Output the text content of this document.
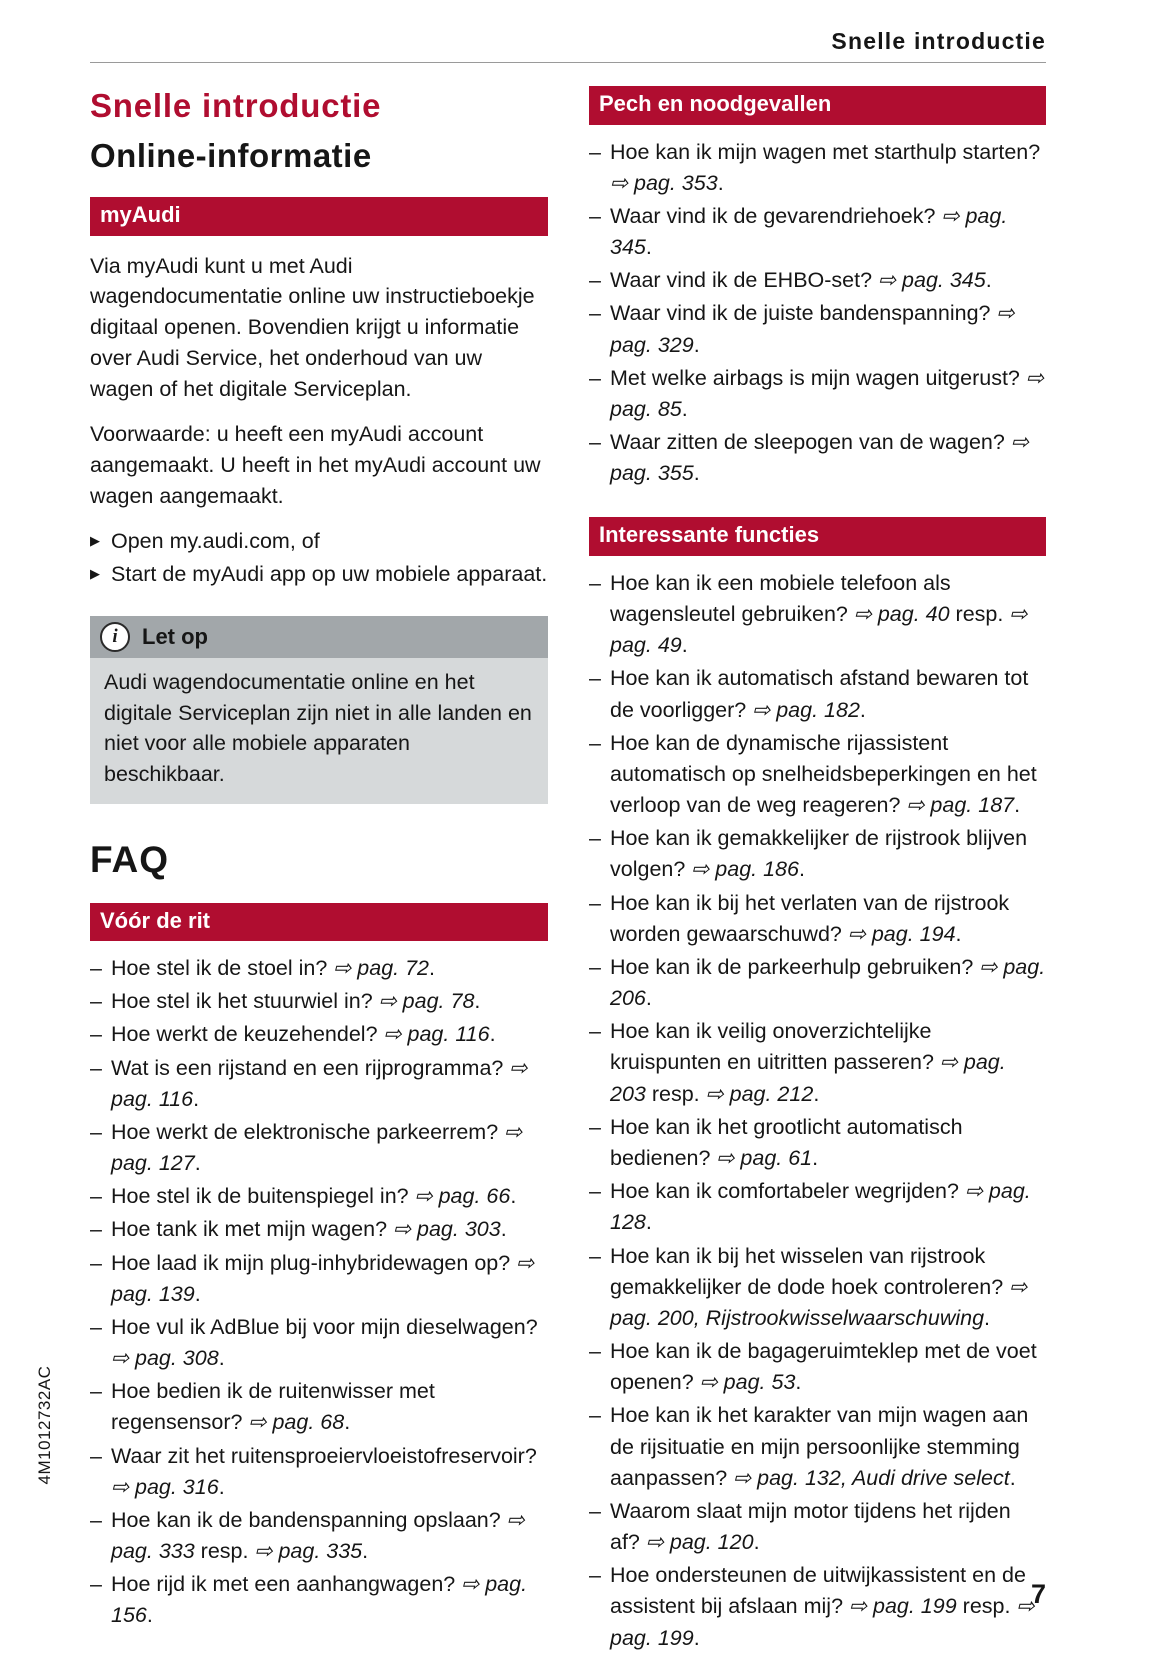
Snelle introductie
Snelle introductie
Online-informatie
myAudi

Via myAudi kunt u met Audi wagendocumentatie online uw instructieboekje digitaal openen. Bovendien krijgt u informatie over Audi Service, het onderhoud van uw wagen of het digitale Serviceplan.

Voorwaarde: u heeft een myAudi account aangemaakt. U heeft in het myAudi account uw wagen aangemaakt.

▶ Open my.audi.com, of
▶ Start de myAudi app op uw mobiele apparaat.
i Let op
Audi wagendocumentatie online en het digitale Serviceplan zijn niet in alle landen en niet voor alle mobiele apparaten beschikbaar.
FAQ
Vóór de rit
– Hoe stel ik de stoel in? ⇨ pag. 72.
– Hoe stel ik het stuurwiel in? ⇨ pag. 78.
– Hoe werkt de keuzehendel? ⇨ pag. 116.
– Wat is een rijstand en een rijprogramma? ⇨ pag. 116.
– Hoe werkt de elektronische parkeerrem? ⇨ pag. 127.
– Hoe stel ik de buitenspiegel in? ⇨ pag. 66.
– Hoe tank ik met mijn wagen? ⇨ pag. 303.
– Hoe laad ik mijn plug-inhybridewagen op? ⇨ pag. 139.
– Hoe vul ik AdBlue bij voor mijn dieselwagen? ⇨ pag. 308.
– Hoe bedien ik de ruitenwisser met regensensor? ⇨ pag. 68.
– Waar zit het ruitensproeiervloeistofreservoir? ⇨ pag. 316.
– Hoe kan ik de bandenspanning opslaan? ⇨ pag. 333 resp. ⇨ pag. 335.
– Hoe rijd ik met een aanhangwagen? ⇨ pag. 156.
Pech en noodgevallen
– Hoe kan ik mijn wagen met starthulp starten? ⇨ pag. 353.
– Waar vind ik de gevarendriehoek? ⇨ pag. 345.
– Waar vind ik de EHBO-set? ⇨ pag. 345.
– Waar vind ik de juiste bandenspanning? ⇨ pag. 329.
– Met welke airbags is mijn wagen uitgerust? ⇨ pag. 85.
– Waar zitten de sleepogen van de wagen? ⇨ pag. 355.
Interessante functies
– Hoe kan ik een mobiele telefoon als wagensleutel gebruiken? ⇨ pag. 40 resp. ⇨ pag. 49.
– Hoe kan ik automatisch afstand bewaren tot de voorligger? ⇨ pag. 182.
– Hoe kan de dynamische rijassistent automatisch op snelheidsbeperkingen en het verloop van de weg reageren? ⇨ pag. 187.
– Hoe kan ik gemakkelijker de rijstrook blijven volgen? ⇨ pag. 186.
– Hoe kan ik bij het verlaten van de rijstrook worden gewaarschuwd? ⇨ pag. 194.
– Hoe kan ik de parkeerhulp gebruiken? ⇨ pag. 206.
– Hoe kan ik veilig onoverzichtelijke kruispunten en uitritten passeren? ⇨ pag. 203 resp. ⇨ pag. 212.
– Hoe kan ik het grootlicht automatisch bedienen? ⇨ pag. 61.
– Hoe kan ik comfortabeler wegrijden? ⇨ pag. 128.
– Hoe kan ik bij het wisselen van rijstrook gemakkelijker de dode hoek controleren? ⇨ pag. 200, Rijstrookwisselwaarschuwing.
– Hoe kan ik de bagageruimteklep met de voet openen? ⇨ pag. 53.
– Hoe kan ik het karakter van mijn wagen aan de rijsituatie en mijn persoonlijke stemming aanpassen? ⇨ pag. 132, Audi drive select.
– Waarom slaat mijn motor tijdens het rijden af? ⇨ pag. 120.
– Hoe ondersteunen de uitwijkassistent en de assistent bij afslaan mij? ⇨ pag. 199 resp. ⇨ pag. 199.
4M1012732AC
7
